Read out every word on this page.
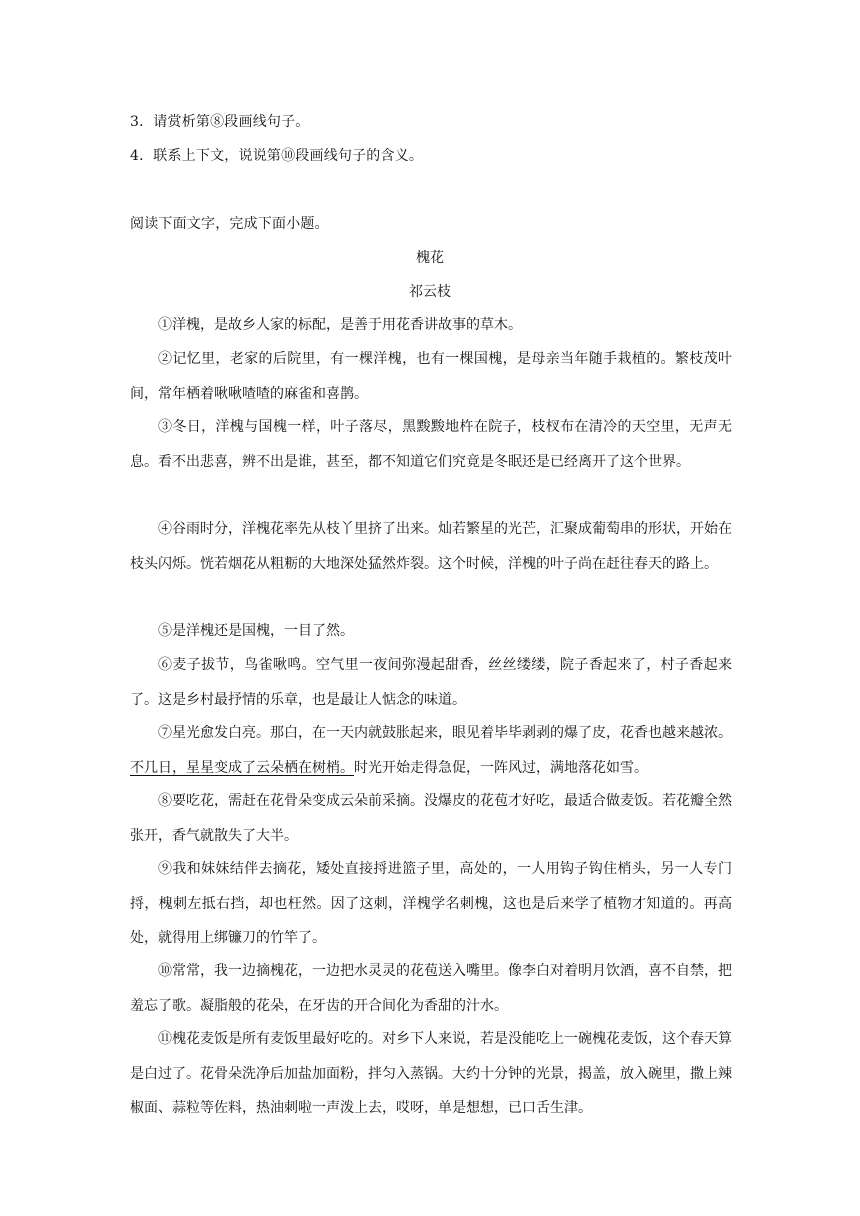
3．请赏析第⑧段画线句子。
4．联系上下文，说说第⑩段画线句子的含义。
阅读下面文字，完成下面小题。
槐花
祁云枝
①洋槐，是故乡人家的标配，是善于用花香讲故事的草木。
②记忆里，老家的后院里，有一棵洋槐，也有一棵国槐，是母亲当年随手栽植的。繁枝茂叶间，常年栖着啾啾喳喳的麻雀和喜鹊。
③冬日，洋槐与国槐一样，叶子落尽，黑黢黢地杵在院子，枝杈布在清冷的天空里，无声无息。看不出悲喜，辨不出是谁，甚至，都不知道它们究竟是冬眠还是已经离开了这个世界。
④谷雨时分，洋槐花率先从枝丫里挤了出来。灿若繁星的光芒，汇聚成葡萄串的形状，开始在枝头闪烁。恍若烟花从粗粝的大地深处猛然炸裂。这个时候，洋槐的叶子尚在赶往春天的路上。
⑤是洋槐还是国槐，一目了然。
⑥麦子拔节，鸟雀啾鸣。空气里一夜间弥漫起甜香，丝丝缕缕，院子香起来了，村子香起来了。这是乡村最抒情的乐章，也是最让人惦念的味道。
⑦星光愈发白亮。那白，在一天内就鼓胀起来，眼见着毕毕剥剥的爆了皮，花香也越来越浓。不几日，星星变成了云朵栖在树梢。时光开始走得急促，一阵风过，满地落花如雪。
⑧要吃花，需赶在花骨朵变成云朵前采摘。没爆皮的花苞才好吃，最适合做麦饭。若花瓣全然张开，香气就散失了大半。
⑨我和妹妹结伴去摘花，矮处直接捋进篮子里，高处的，一人用钩子钩住梢头，另一人专门捋，槐刺左抵右挡，却也枉然。因了这刺，洋槐学名刺槐，这也是后来学了植物才知道的。再高处，就得用上绑镰刀的竹竿了。
⑩常常，我一边摘槐花，一边把水灵灵的花苞送入嘴里。像李白对着明月饮酒，喜不自禁，把羞忘了歌。凝脂般的花朵，在牙齿的开合间化为香甜的汁水。
⑪槐花麦饭是所有麦饭里最好吃的。对乡下人来说，若是没能吃上一碗槐花麦饭，这个春天算是白过了。花骨朵洗净后加盐加面粉，拌匀入蒸锅。大约十分钟的光景，揭盖，放入碗里，撒上辣椒面、蒜粒等佐料，热油刺啦一声泼上去，哎呀，单是想想，已口舌生津。
